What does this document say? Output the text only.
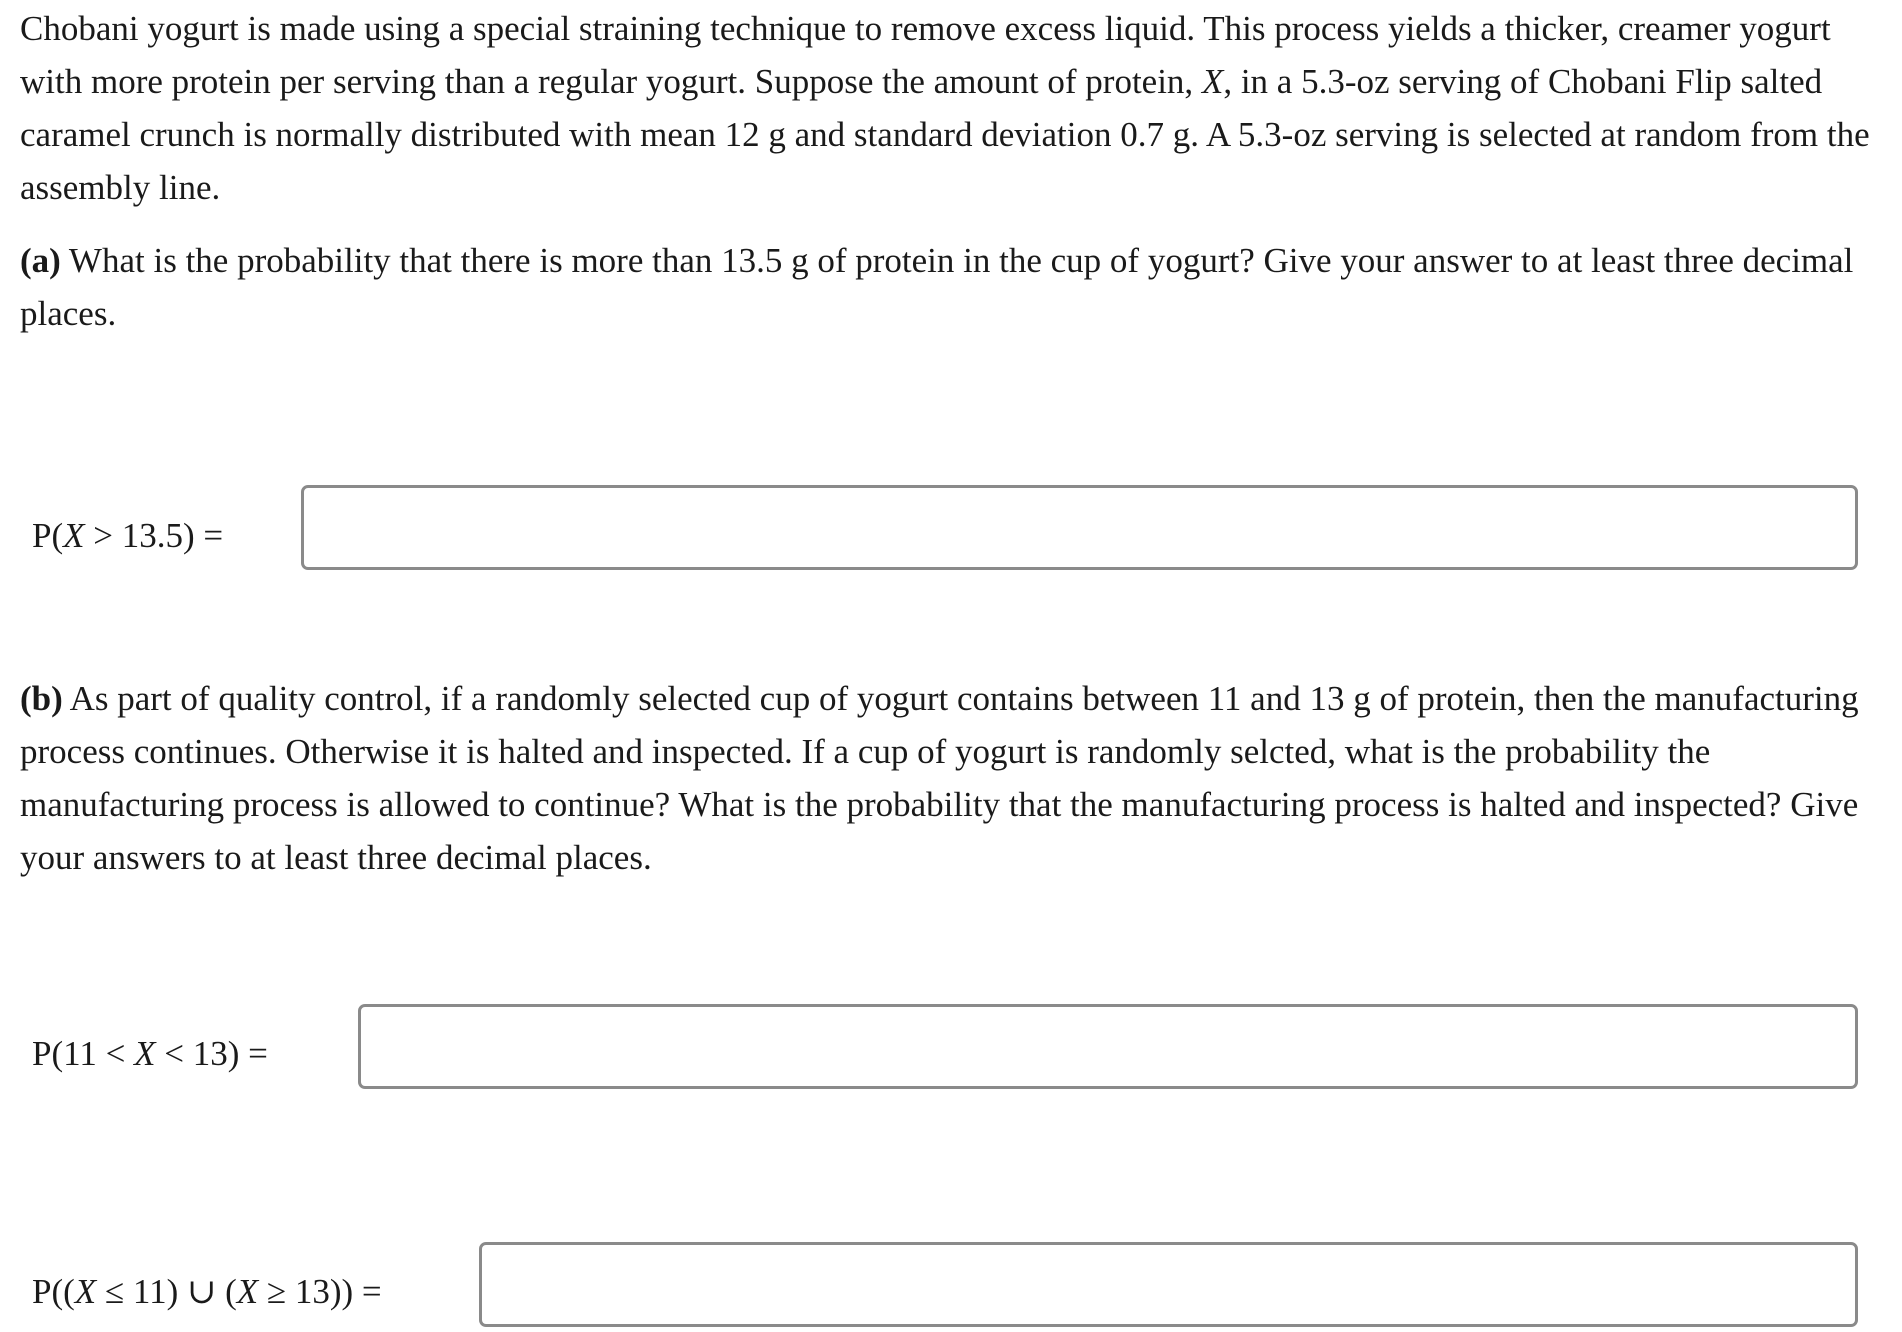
Chobani yogurt is made using a special straining technique to remove excess liquid. This process yields a thicker, creamer yogurt with more protein per serving than a regular yogurt. Suppose the amount of protein, X, in a 5.3-oz serving of Chobani Flip salted caramel crunch is normally distributed with mean 12 g and standard deviation 0.7 g. A 5.3-oz serving is selected at random from the assembly line.

(a) What is the probability that there is more than 13.5 g of protein in the cup of yogurt? Give your answer to at least three decimal places.

P(X > 13.5) =

(b) As part of quality control, if a randomly selected cup of yogurt contains between 11 and 13 g of protein, then the manufacturing process continues. Otherwise it is halted and inspected. If a cup of yogurt is randomly selcted, what is the probability the manufacturing process is allowed to continue? What is the probability that the manufacturing process is halted and inspected? Give your answers to at least three decimal places.

P(11 < X < 13) =
P((X ≤ 11) ∪ (X ≥ 13)) =
